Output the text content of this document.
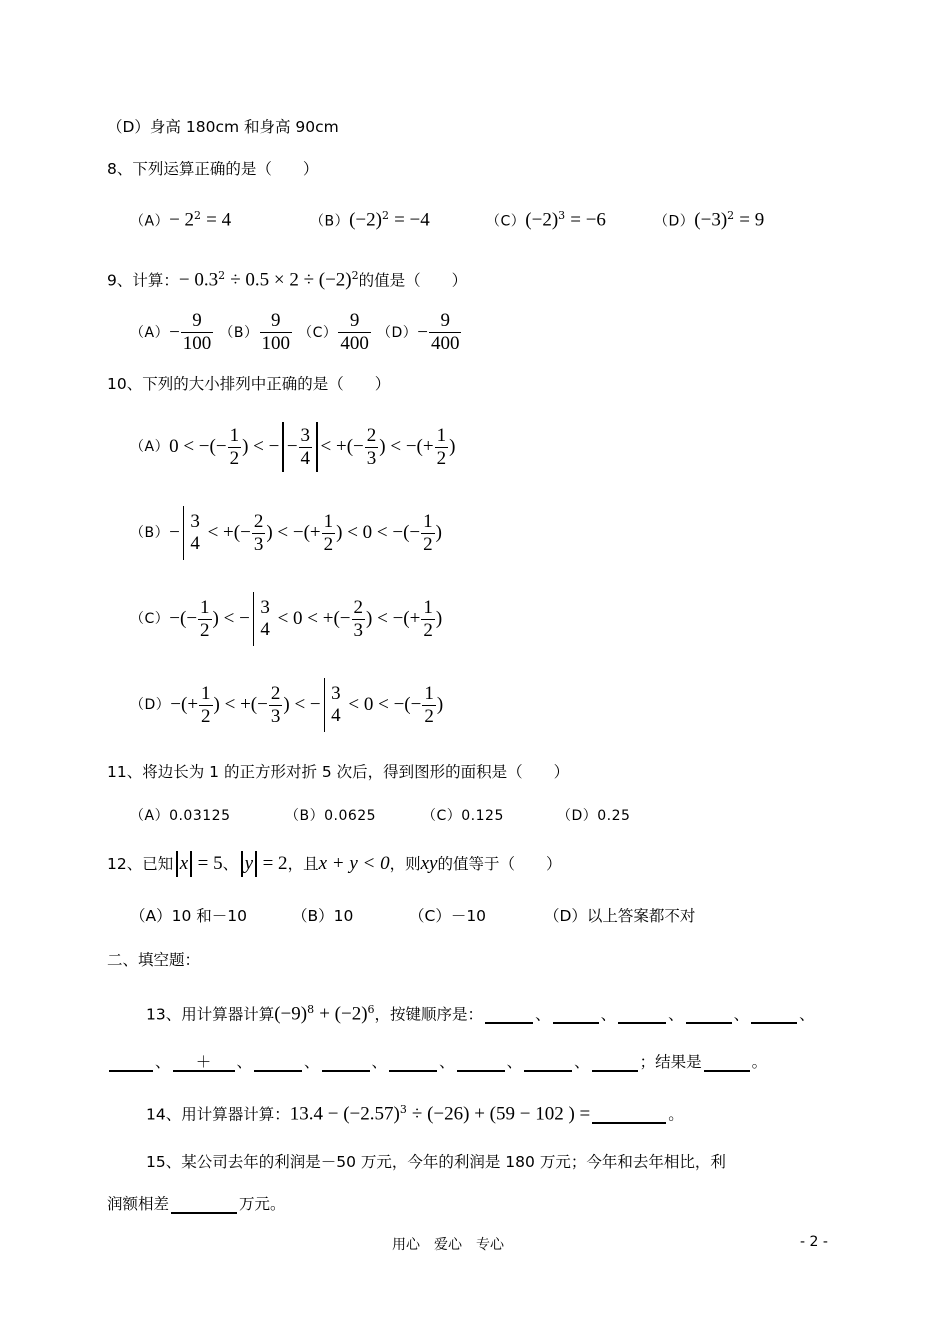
（D）身高 180cm 和身高 90cm
8、下列运算正确的是（　　）
$(A)- 2^2 = 4$	$(B)(-2)^2 = -4$	$(C)(-2)^3 = -6$	$(D)(-3)^2 = 9$
9、计算：− $0.3^2 \div 0.5 \times 2 \div (-2)^2$的值是（　　）
$(A) - \frac{9}{100}$
$(B) \frac{9}{100}$
$(C) \frac{9}{400}$
$(D) - \frac{9}{400}$
10、下列的大小排列中正确的是（　　）
（A） 0
<
−(− $\frac{1}{2}$ )
<
− − $\frac{3}{4}$ <
+(− $\frac{2}{3}$ )
<
−(+ $\frac{1}{2}$ )
（B） −
3
4

<
+(− $\frac{2}{3}$ )
<
−(+ $\frac{1}{2}$ )
<
0
<
−(− $\frac{1}{2}$ )
（C） −(− $\frac{1}{2}$ )
<
−
3
4

<
0
<
+(− $\frac{2}{3}$ )
<
−(+ $\frac{1}{2}$ )
（D） −(+ $\frac{1}{2}$ )
<
+(− $\frac{2}{3}$ )
<
−
3
4

<
0
<
−(− $\frac{1}{2}$ )
11、将边长为 1 的正方形对折 5 次后，得到图形的面积是（　　）
（A）0.03125	（B）0.0625	（C）0.125	（D）0.25
12、已知 x = 5 、 y = 2 ，且 x + y < 0 ，则 xy 的值等于（　　）
（A）10 和－10	（B）10	（C）－10	（D）以上答案都不对
二、填空题：
13、用计算器计算$(-9)^8 + (-2)^6$，按键顺序是：	、	、	、	、	、
、 ＋ 、	、	、	、	、	、	；结果是	。
14、用计算器计算：$13.4 - (-2.57)^3 \div (-26) + (59 - 102$ ) =	。
15、某公司去年的利润是－50 万元，今年的利润是 180 万元；今年和去年相比，利
润额相差	万元。
用心　爱心　专心	- 2 -
